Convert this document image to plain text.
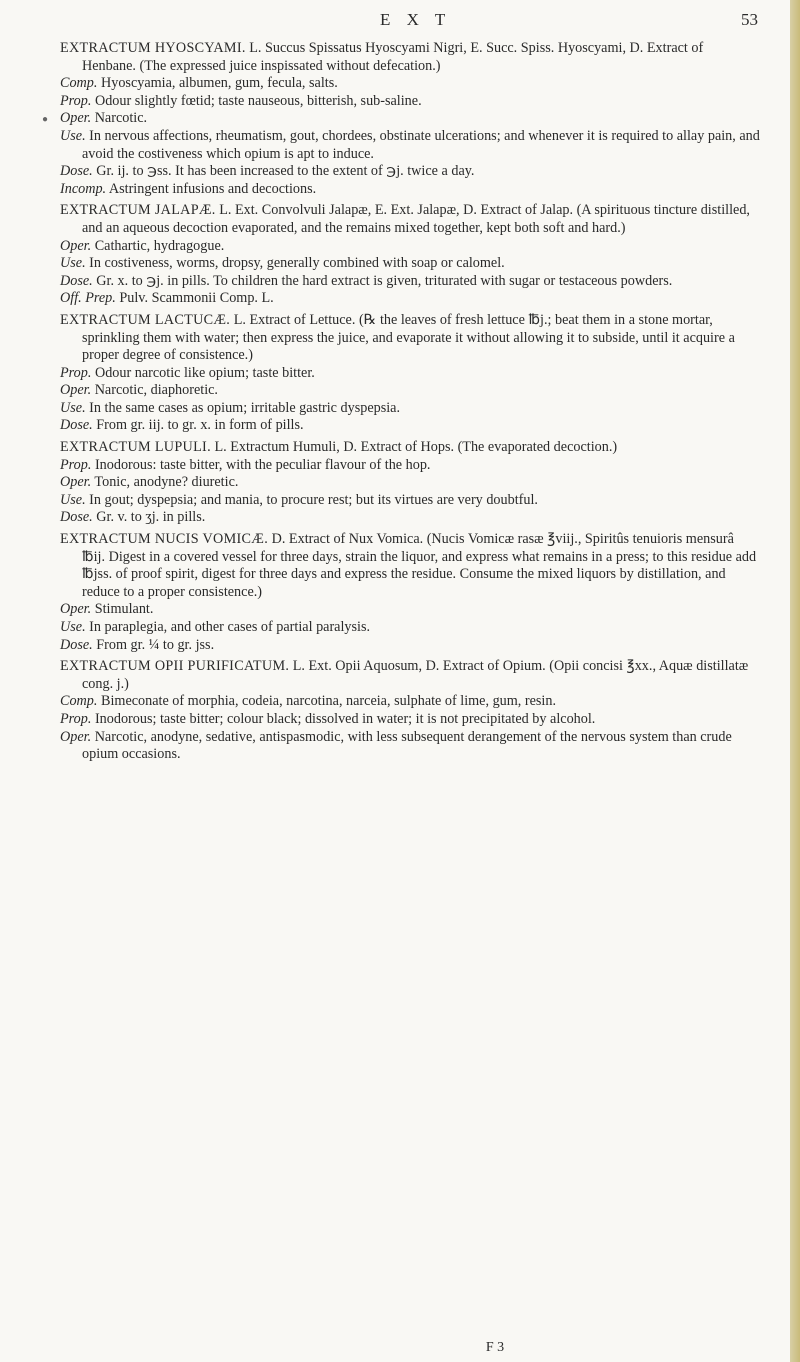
E X T	53
●

EXTRACTUM HYOSCYAMI. L. Succus Spissatus Hyoscyami Nigri, E. Succ. Spiss. Hyoscyami, D. Extract of Henbane. (The expressed juice inspissated without defecation.)

Comp. Hyoscyamia, albumen, gum, fecula, salts.

Prop. Odour slightly fœtid; taste nauseous, bitterish, sub-saline.

Oper. Narcotic.

Use. In nervous affections, rheumatism, gout, chordees, obstinate ulcerations; and whenever it is required to allay pain, and avoid the costiveness which opium is apt to induce.

Dose. Gr. ij. to ℈ss. It has been increased to the extent of ℈j. twice a day.

Incomp. Astringent infusions and decoctions.

EXTRACTUM JALAPÆ. L. Ext. Convolvuli Jalapæ, E. Ext. Jalapæ, D. Extract of Jalap. (A spirituous tincture distilled, and an aqueous decoction evaporated, and the remains mixed together, kept both soft and hard.)

Oper. Cathartic, hydragogue.

Use. In costiveness, worms, dropsy, generally combined with soap or calomel.

Dose. Gr. x. to ℈j. in pills. To children the hard extract is given, triturated with sugar or testaceous powders.

Off. Prep. Pulv. Scammonii Comp. L.

EXTRACTUM LACTUCÆ. L. Extract of Lettuce. (℞ the leaves of fresh lettuce ℔j.; beat them in a stone mortar, sprinkling them with water; then express the juice, and evaporate it without allowing it to subside, until it acquire a proper degree of consistence.)

Prop. Odour narcotic like opium; taste bitter.

Oper. Narcotic, diaphoretic.

Use. In the same cases as opium; irritable gastric dyspepsia.

Dose. From gr. iij. to gr. x. in form of pills.

EXTRACTUM LUPULI. L. Extractum Humuli, D. Extract of Hops. (The evaporated decoction.)

Prop. Inodorous: taste bitter, with the peculiar flavour of the hop.

Oper. Tonic, anodyne? diuretic.

Use. In gout; dyspepsia; and mania, to procure rest; but its virtues are very doubtful.

Dose. Gr. v. to ʒj. in pills.

EXTRACTUM NUCIS VOMICÆ. D. Extract of Nux Vomica. (Nucis Vomicæ rasæ ℥viij., Spiritûs tenuioris mensurâ ℔ij. Digest in a covered vessel for three days, strain the liquor, and express what remains in a press; to this residue add ℔jss. of proof spirit, digest for three days and express the residue. Consume the mixed liquors by distillation, and reduce to a proper consistence.)

Oper. Stimulant.

Use. In paraplegia, and other cases of partial paralysis.

Dose. From gr. ¼ to gr. jss.

EXTRACTUM OPII PURIFICATUM. L. Ext. Opii Aquosum, D. Extract of Opium. (Opii concisi ℥xx., Aquæ distillatæ cong. j.)

Comp. Bimeconate of morphia, codeia, narcotina, narceia, sulphate of lime, gum, resin.

Prop. Inodorous; taste bitter; colour black; dissolved in water; it is not precipitated by alcohol.

Oper. Narcotic, anodyne, sedative, antispasmodic, with less subsequent derangement of the nervous system than crude opium occasions.

F 3
